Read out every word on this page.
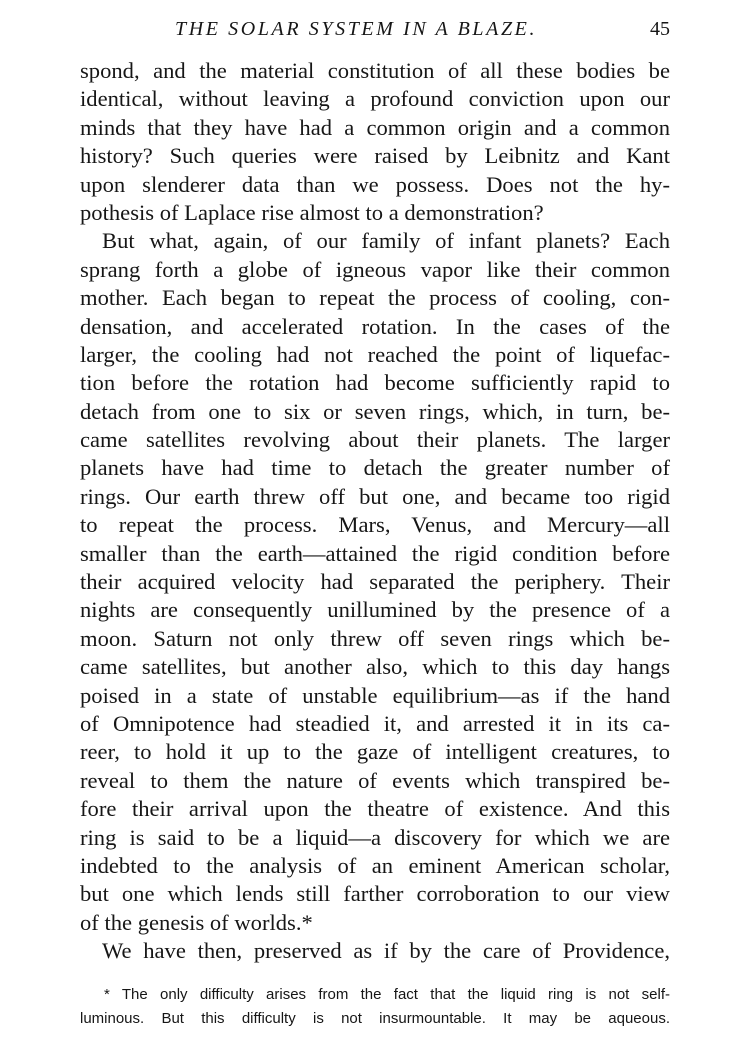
THE SOLAR SYSTEM IN A BLAZE.	45
spond, and the material constitution of all these bodies be
identical, without leaving a profound conviction upon our
minds that they have had a common origin and a common
history? Such queries were raised by Leibnitz and Kant
upon slenderer data than we possess. Does not the hy-
pothesis of Laplace rise almost to a demonstration?
But what, again, of our family of infant planets? Each
sprang forth a globe of igneous vapor like their common
mother. Each began to repeat the process of cooling, con-
densation, and accelerated rotation. In the cases of the
larger, the cooling had not reached the point of liquefac-
tion before the rotation had become sufficiently rapid to
detach from one to six or seven rings, which, in turn, be-
came satellites revolving about their planets. The larger
planets have had time to detach the greater number of
rings. Our earth threw off but one, and became too rigid
to repeat the process. Mars, Venus, and Mercury—all
smaller than the earth—attained the rigid condition before
their acquired velocity had separated the periphery. Their
nights are consequently unillumined by the presence of a
moon. Saturn not only threw off seven rings which be-
came satellites, but another also, which to this day hangs
poised in a state of unstable equilibrium—as if the hand
of Omnipotence had steadied it, and arrested it in its ca-
reer, to hold it up to the gaze of intelligent creatures, to
reveal to them the nature of events which transpired be-
fore their arrival upon the theatre of existence. And this
ring is said to be a liquid—a discovery for which we are
indebted to the analysis of an eminent American scholar,
but one which lends still farther corroboration to our view
of the genesis of worlds.*
We have then, preserved as if by the care of Providence,
* The only difficulty arises from the fact that the liquid ring is not self-
luminous. But this difficulty is not insurmountable. It may be aqueous.
